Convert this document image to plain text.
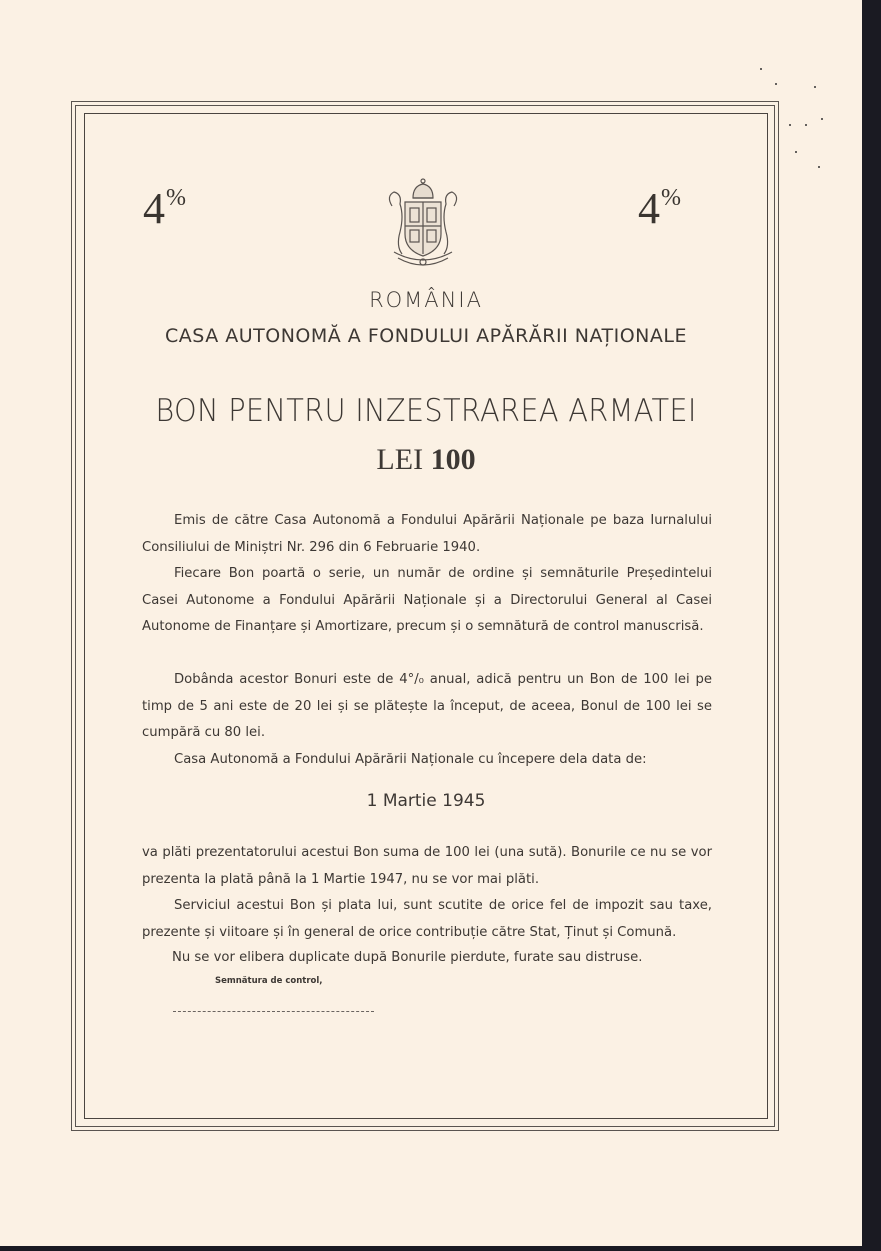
4%	4%
ROMÂNIA
CASA AUTONOMĂ A FONDULUI APĂRĂRII NAȚIONALE
BON PENTRU INZESTRAREA ARMATEI
LEI 100

Emis de către Casa Autonomă a Fondului Apărării Naționale pe baza Iurnalului Consiliului de Miniștri Nr. 296 din 6 Februarie 1940.

Fiecare Bon poartă o serie, un număr de ordine și semnăturile Președintelui Casei Autonome a Fondului Apărării Naționale și a Directorului General al Casei Autonome de Finanțare și Amortizare, precum și o semnătură de control manuscrisă.

Dobânda acestor Bonuri este de 4°/₀ anual, adică pentru un Bon de 100 lei pe timp de 5 ani este de 20 lei și se plătește la început, de aceea, Bonul de 100 lei se cumpără cu 80 lei.

Casa Autonomă a Fondului Apărării Naționale cu începere dela data de:

1 Martie 1945

va plăti prezentatorului acestui Bon suma de 100 lei (una sută). Bonurile ce nu se vor prezenta la plată până la 1 Martie 1947, nu se vor mai plăti.

Serviciul acestui Bon și plata lui, sunt scutite de orice fel de impozit sau taxe, prezente și viitoare și în general de orice contribuție către Stat, Ținut și Comună.

Nu se vor elibera duplicate după Bonurile pierdute, furate sau distruse.

Semnătura de control,
